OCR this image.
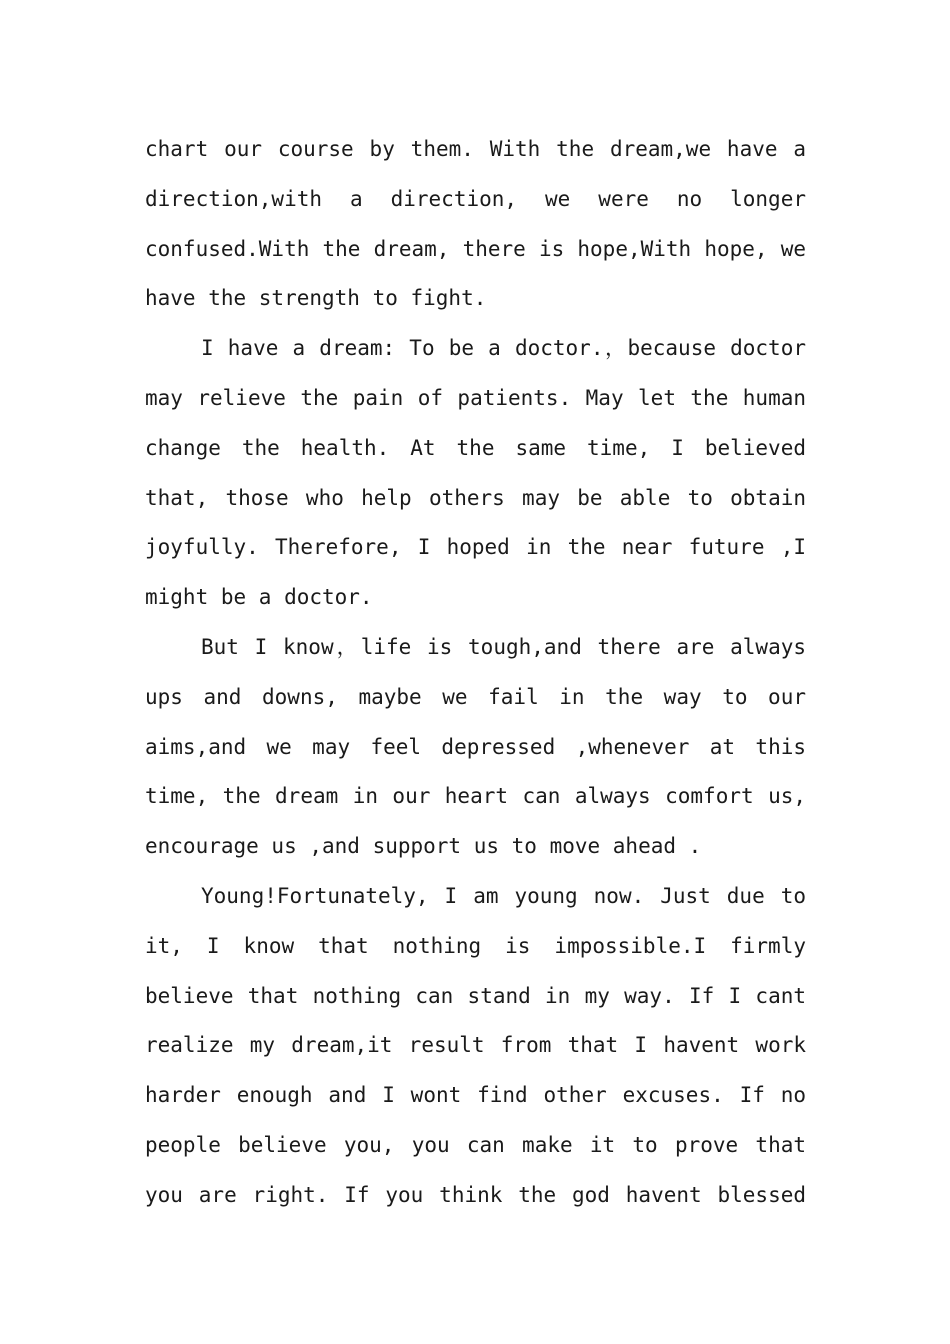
chart our course by them. With the dream,we have a direction,with a direction, we were no longer confused.With the dream, there is hope,With hope, we have the strength to fight.

I have a dream: To be a doctor.，because doctor may relieve the pain of patients. May let the human change the health. At the same time, I believed that, those who help others may be able to obtain joyfully. Therefore, I hoped in the near future ,I might be a doctor.

But I know，life is tough,and there are always ups and downs, maybe we fail in the way to our aims,and we may feel depressed ,whenever at this time, the dream in our heart can always comfort us, encourage us ,and support us to move ahead .

Young!Fortunately, I am young now. Just due to it, I know that nothing is impossible.I firmly believe that nothing can stand in my way. If I cant realize my dream,it result from that I havent work harder enough and I wont find other excuses. If no people believe you, you can make it to prove that you are right. If you think the god havent blessed
